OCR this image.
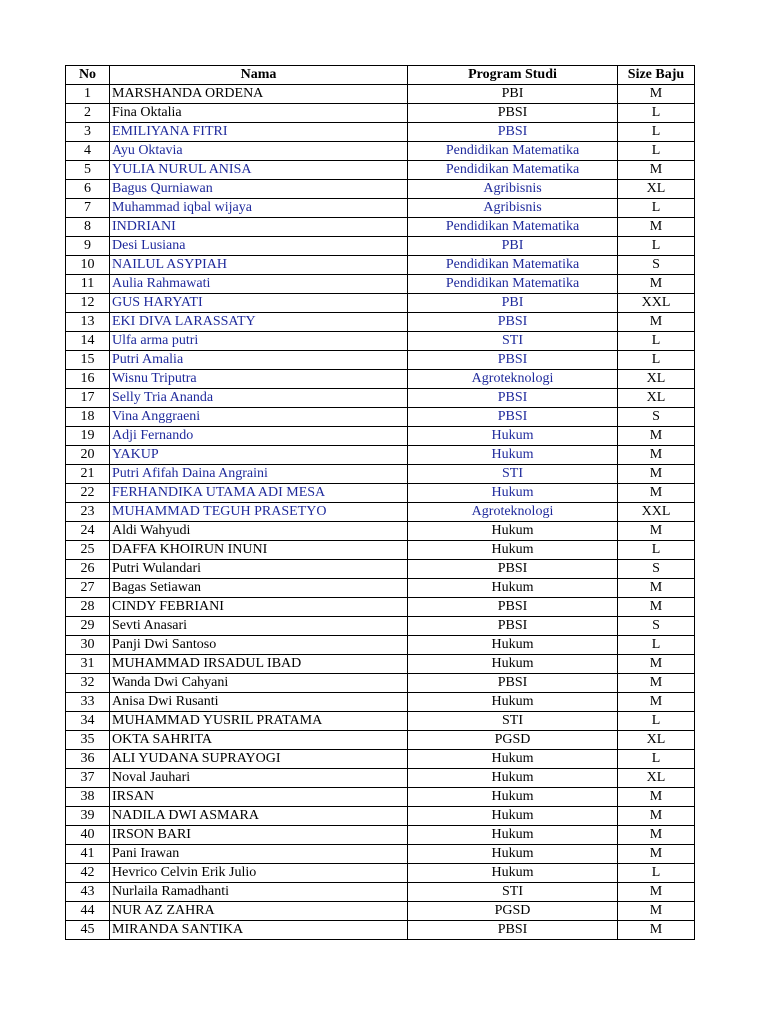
No	Nama	Program Studi	Size Baju
1	MARSHANDA ORDENA	PBI	M
2	Fina Oktalia	PBSI	L
3	EMILIYANA FITRI	PBSI	L
4	Ayu Oktavia	Pendidikan Matematika	L
5	YULIA NURUL ANISA	Pendidikan Matematika	M
6	Bagus Qurniawan	Agribisnis	XL
7	Muhammad iqbal wijaya	Agribisnis	L
8	INDRIANI	Pendidikan Matematika	M
9	Desi Lusiana	PBI	L
10	NAILUL ASYPIAH	Pendidikan Matematika	S
11	Aulia Rahmawati	Pendidikan Matematika	M
12	GUS HARYATI	PBI	XXL
13	EKI DIVA LARASSATY	PBSI	M
14	Ulfa arma putri	STI	L
15	Putri Amalia	PBSI	L
16	Wisnu Triputra	Agroteknologi	XL
17	Selly Tria Ananda	PBSI	XL
18	Vina Anggraeni	PBSI	S
19	Adji Fernando	Hukum	M
20	YAKUP	Hukum	M
21	Putri Afifah Daina Angraini	STI	M
22	FERHANDIKA UTAMA ADI MESA	Hukum	M
23	MUHAMMAD TEGUH PRASETYO	Agroteknologi	XXL
24	Aldi Wahyudi	Hukum	M
25	DAFFA KHOIRUN INUNI	Hukum	L
26	Putri Wulandari	PBSI	S
27	Bagas Setiawan	Hukum	M
28	CINDY FEBRIANI	PBSI	M
29	Sevti Anasari	PBSI	S
30	Panji Dwi Santoso	Hukum	L
31	MUHAMMAD IRSADUL IBAD	Hukum	M
32	Wanda Dwi Cahyani	PBSI	M
33	Anisa Dwi Rusanti	Hukum	M
34	MUHAMMAD YUSRIL PRATAMA	STI	L
35	OKTA SAHRITA	PGSD	XL
36	ALI YUDANA SUPRAYOGI	Hukum	L
37	Noval Jauhari	Hukum	XL
38	IRSAN	Hukum	M
39	NADILA DWI ASMARA	Hukum	M
40	IRSON BARI	Hukum	M
41	Pani Irawan	Hukum	M
42	Hevrico Celvin Erik Julio	Hukum	L
43	Nurlaila Ramadhanti	STI	M
44	NUR AZ ZAHRA	PGSD	M
45	MIRANDA SANTIKA	PBSI	M
